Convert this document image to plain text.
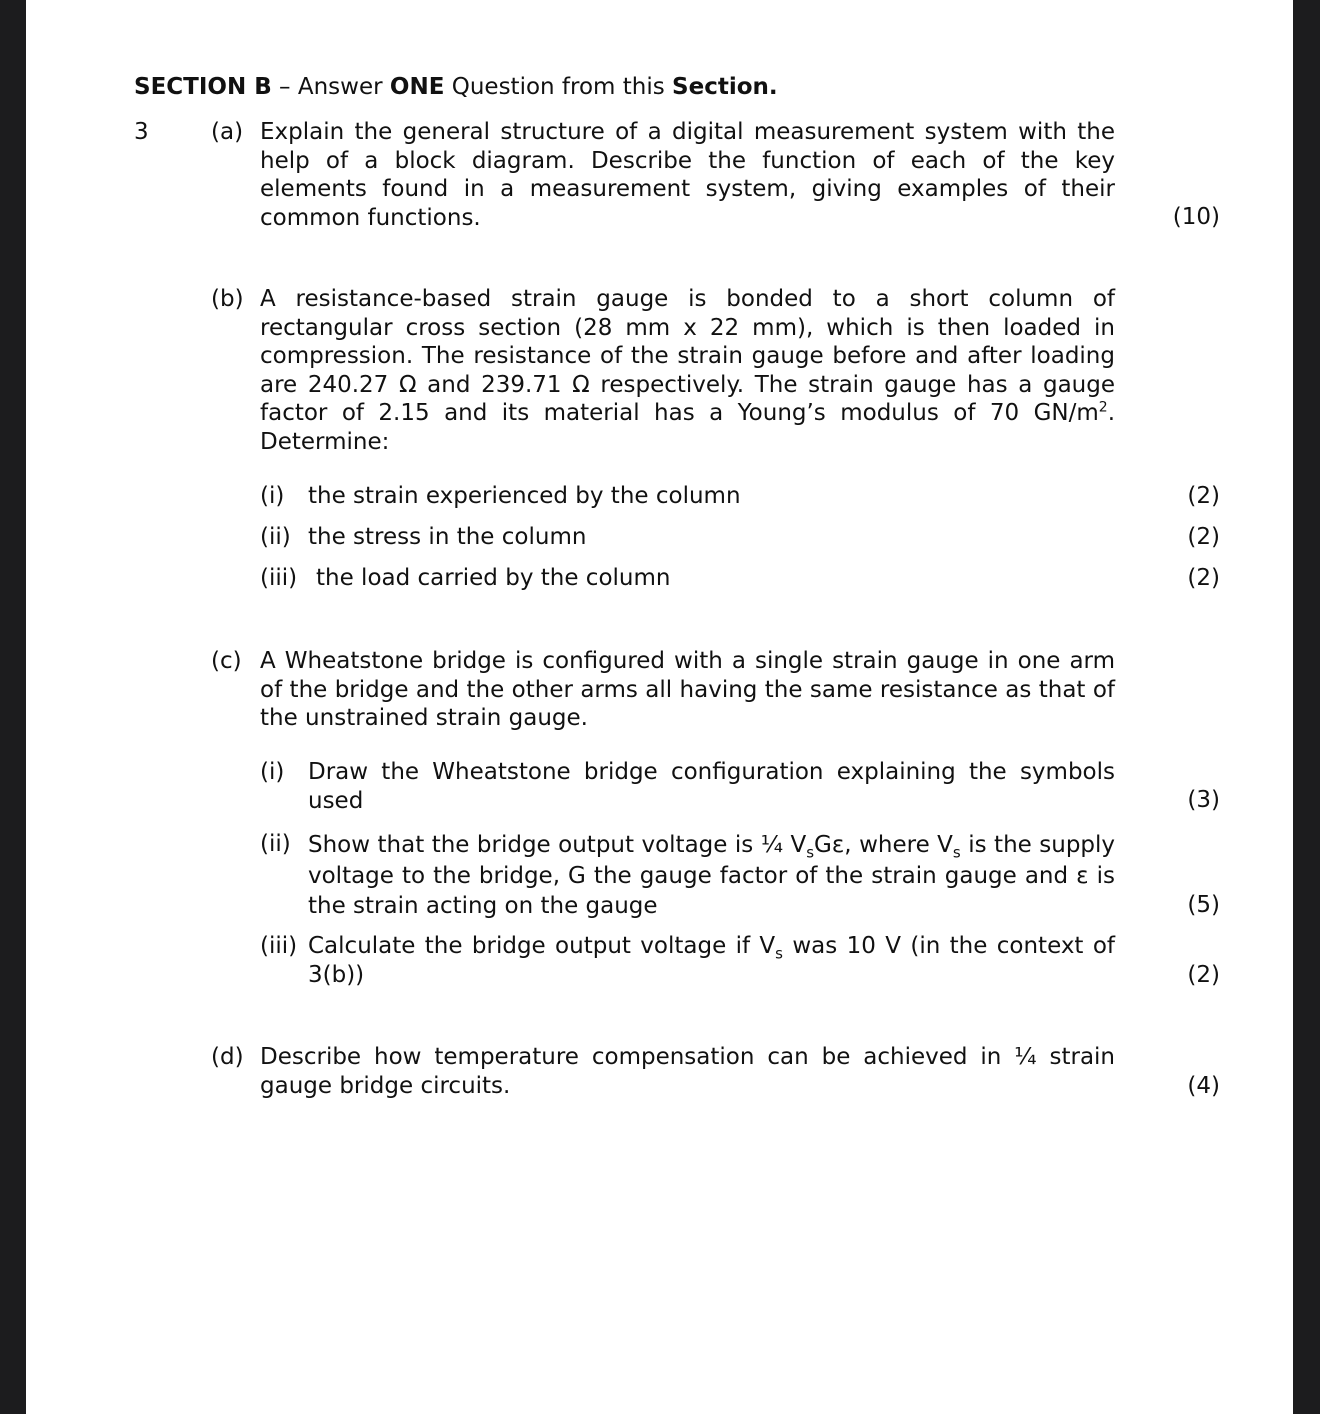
SECTION B – Answer ONE Question from this Section.
3	(a) Explain the general structure of a digital measurement system with the help of a block diagram. Describe the function of each of the key elements found in a measurement system, giving examples of their common functions.	(10)
(b) A resistance-based strain gauge is bonded to a short column of rectangular cross section (28 mm x 22 mm), which is then loaded in compression. The resistance of the strain gauge before and after loading are 240.27 Ω and 239.71 Ω respectively. The strain gauge has a gauge factor of 2.15 and its material has a Young’s modulus of 70 $GN/m^2$. Determine:
(i) the strain experienced by the column	(2)
(ii) the stress in the column	(2)
(iii) the load carried by the column	(2)
(c) A Wheatstone bridge is configured with a single strain gauge in one arm of the bridge and the other arms all having the same resistance as that of the unstrained strain gauge.
(i) Draw the Wheatstone bridge configuration explaining the symbols used	(3)
(ii) Show that the bridge output voltage is ¼ $V_sG\varepsilon$, where $V_s$ is the supply voltage to the bridge, G the gauge factor of the strain gauge and ε is the strain acting on the gauge	(5)
(iii) Calculate the bridge output voltage if $V_s$ was 10 V (in the context of 3(b))	(2)
(d) Describe how temperature compensation can be achieved in ¼ strain gauge bridge circuits.	(4)
